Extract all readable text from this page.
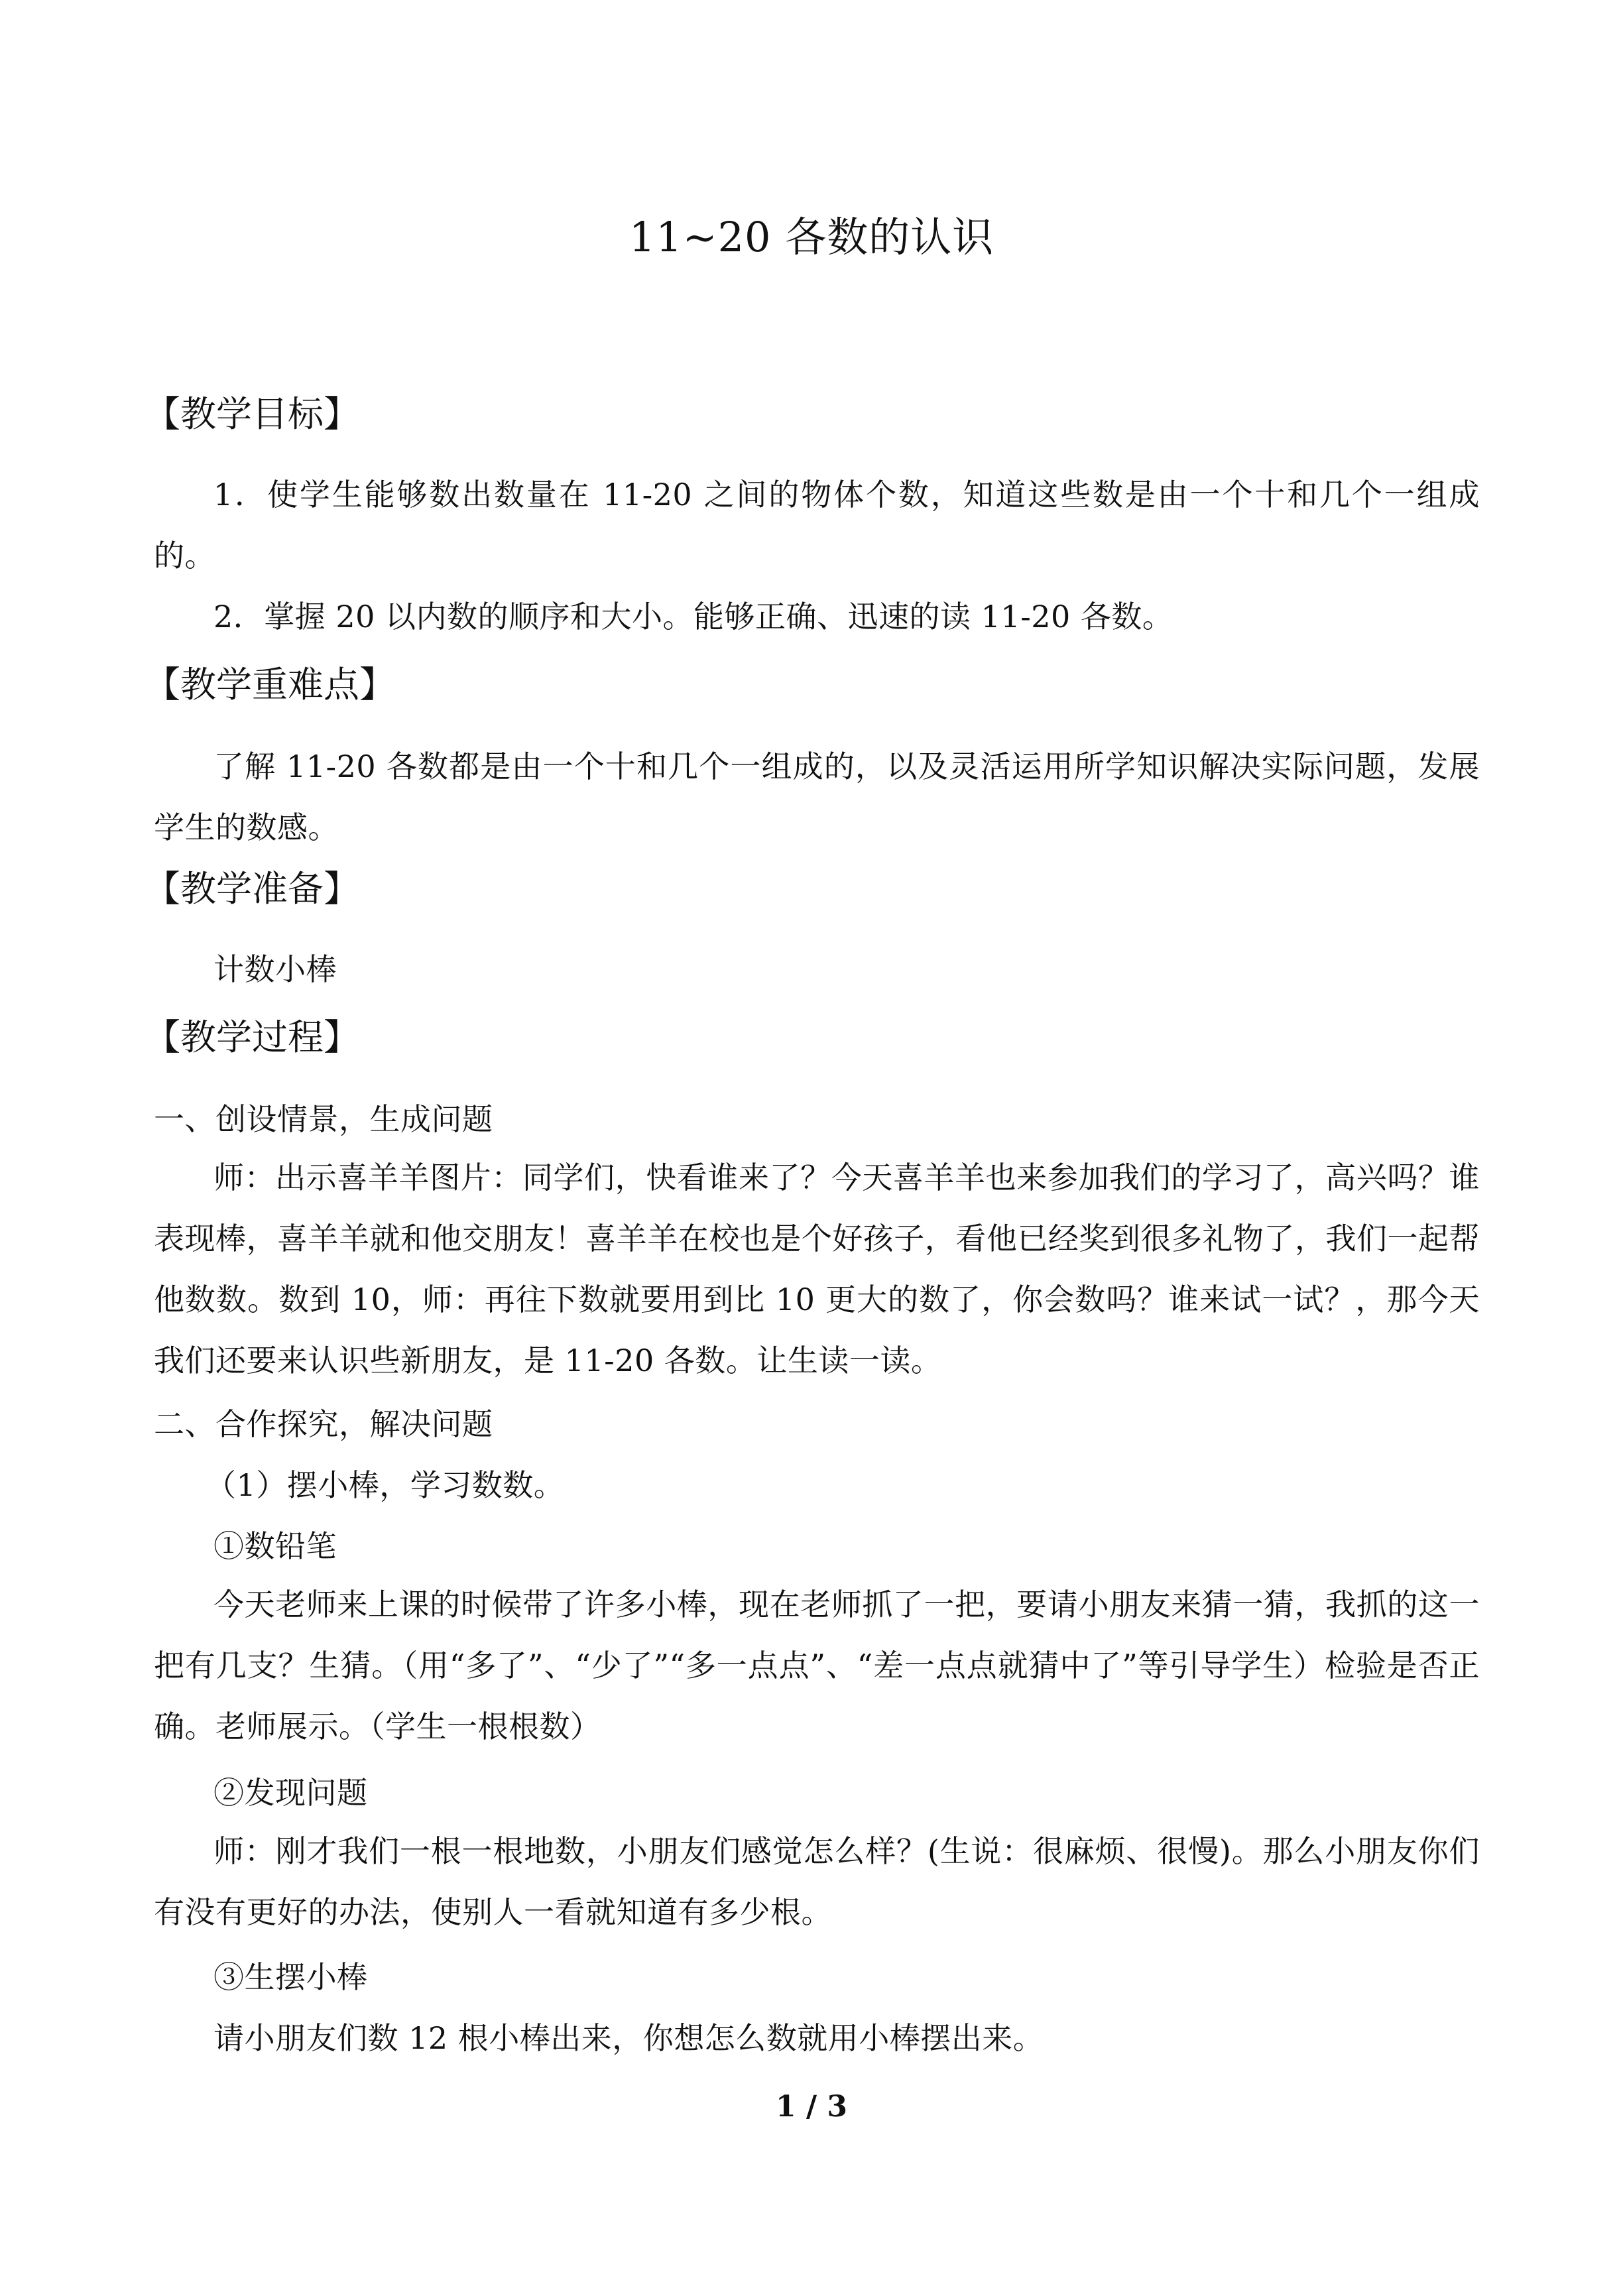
11~20 各数的认识
【教学目标】
1．使学生能够数出数量在 11-20 之间的物体个数，知道这些数是由一个十和几个一组成的。
2．掌握 20 以内数的顺序和大小。能够正确、迅速的读 11-20 各数。
【教学重难点】
了解 11-20 各数都是由一个十和几个一组成的，以及灵活运用所学知识解决实际问题，发展学生的数感。
【教学准备】
计数小棒
【教学过程】
一、创设情景，生成问题
师：出示喜羊羊图片：同学们，快看谁来了？今天喜羊羊也来参加我们的学习了，高兴吗？谁表现棒，喜羊羊就和他交朋友！喜羊羊在校也是个好孩子，看他已经奖到很多礼物了，我们一起帮他数数。数到 10，师：再往下数就要用到比 10 更大的数了，你会数吗？谁来试一试？，那今天我们还要来认识些新朋友，是 11-20 各数。让生读一读。
二、合作探究，解决问题
（1）摆小棒，学习数数。
①数铅笔
今天老师来上课的时候带了许多小棒，现在老师抓了一把，要请小朋友来猜一猜，我抓的这一把有几支？生猜。（用“多了”、“少了”“多一点点”、“差一点点就猜中了”等引导学生）检验是否正确。老师展示。（学生一根根数）
②发现问题
师：刚才我们一根一根地数，小朋友们感觉怎么样？(生说：很麻烦、很慢)。那么小朋友你们有没有更好的办法，使别人一看就知道有多少根。
③生摆小棒
请小朋友们数 12 根小棒出来，你想怎么数就用小棒摆出来。
1 / 3
